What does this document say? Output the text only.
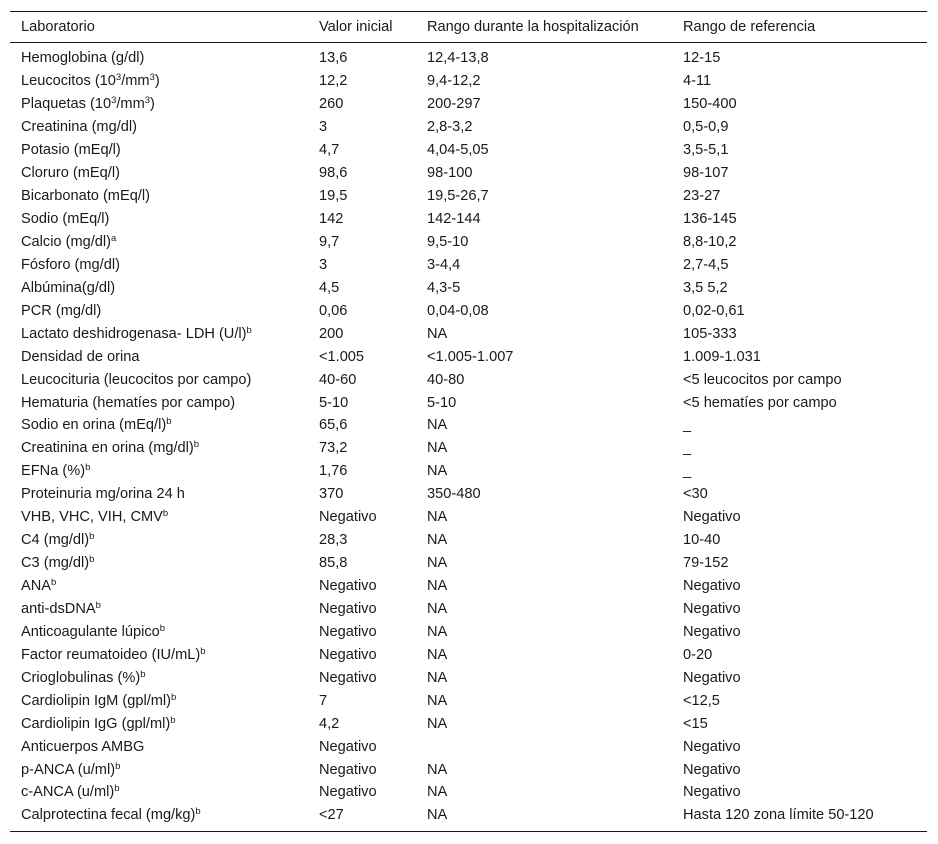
Laboratorio	Valor inicial	Rango durante la hospitalización	Rango de referencia
Hemoglobina (g/dl)	13,6	12,4-13,8	12-15
Leucocitos $(10^3/mm^3)$	12,2	9,4-12,2	4-11
Plaquetas $(10^3/mm^3)$	260	200-297	150-400
Creatinina (mg/dl)	3	2,8-3,2	0,5-0,9
Potasio (mEq/l)	4,7	4,04-5,05	3,5-5,1
Cloruro (mEq/l)	98,6	98-100	98-107
Bicarbonato (mEq/l)	19,5	19,5-26,7	23-27
Sodio (mEq/l)	142	142-144	136-145
Calcio $(mg/dl)^a$	9,7	9,5-10	8,8-10,2
Fósforo (mg/dl)	3	3-4,4	2,7-4,5
Albúmina(g/dl)	4,5	4,3-5	3,5 5,2
PCR (mg/dl)	0,06	0,04-0,08	0,02-0,61
Lactato deshidrogenasa- LDH $(U/l)^b$	200	NA	105-333
Densidad de orina	<1.005	<1.005-1.007	1.009-1.031
Leucocituria (leucocitos por campo)	40-60	40-80	<5 leucocitos por campo
Hematuria (hematíes por campo)	5-10	5-10	<5 hematíes por campo
Sodio en orina $(mEq/l)^b$	65,6	NA	_
Creatinina en orina $(mg/dl)^b$	73,2	NA	_
EFNa (%)$^b$	1,76	NA	_
Proteinuria mg/orina 24 h	370	350-480	<30
VHB, VHC, VIH, CMV$^b$	Negativo	NA	Negativo
C4 $(mg/dl)^b$	28,3	NA	10-40
C3 $(mg/dl)^b$	85,8	NA	79-152
ANA$^b$	Negativo	NA	Negativo
anti-dsDNA$^b$	Negativo	NA	Negativo
Anticoagulante lúpico$^b$	Negativo	NA	Negativo
Factor reumatoideo $(IU/mL)^b$	Negativo	NA	0-20
Crioglobulinas (%)$^b$	Negativo	NA	Negativo
Cardiolipin IgM $(gpl/ml)^b$	7	NA	<12,5
Cardiolipin IgG $(gpl/ml)^b$	4,2	NA	<15
Anticuerpos AMBG	Negativo		Negativo
p-ANCA $(u/ml)^b$	Negativo	NA	Negativo
c-ANCA $(u/ml)^b$	Negativo	NA	Negativo
Calprotectina fecal $(mg/kg)^b$	<27	NA	Hasta 120 zona límite 50-120
